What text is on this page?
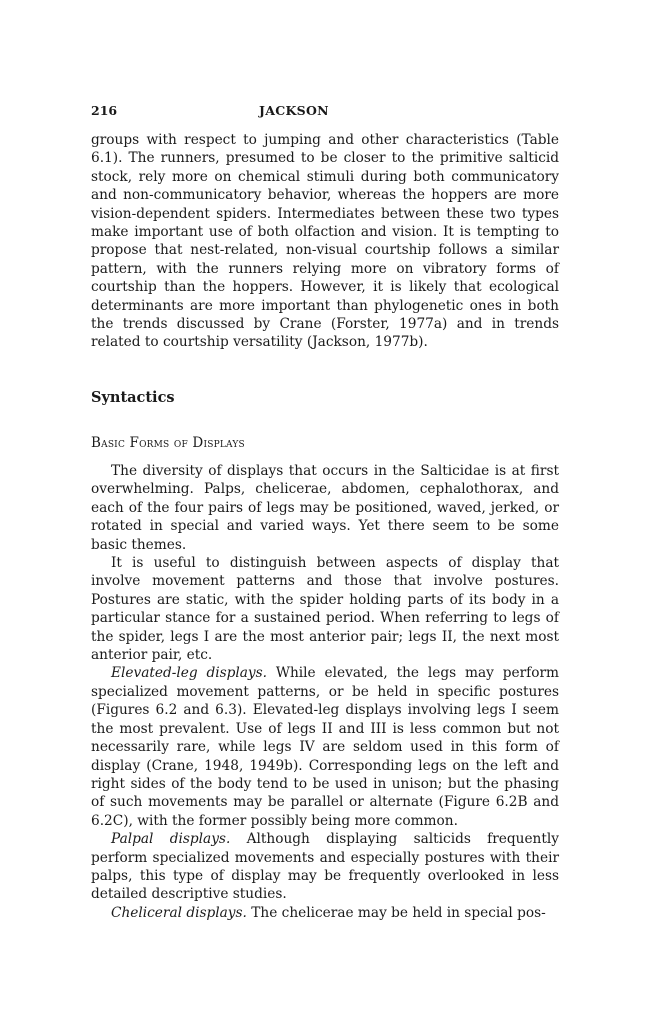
216	JACKSON

groups with respect to jumping and other characteristics (Table 6.1). The runners, presumed to be closer to the primitive salticid stock, rely more on chemical stimuli during both communicatory and non-communicatory behavior, whereas the hoppers are more vision-dependent spiders. Intermediates between these two types make important use of both olfaction and vision. It is tempting to propose that nest-related, non-visual courtship follows a similar pattern, with the runners relying more on vibratory forms of courtship than the hoppers. However, it is likely that ecological determinants are more important than phylogenetic ones in both the trends discussed by Crane (Forster, 1977a) and in trends related to courtship versatility (Jackson, 1977b).

Syntactics
Basic Forms of Displays

The diversity of displays that occurs in the Salticidae is at first overwhelming. Palps, chelicerae, abdomen, cephalothorax, and each of the four pairs of legs may be positioned, waved, jerked, or rotated in special and varied ways. Yet there seem to be some basic themes.

It is useful to distinguish between aspects of display that involve movement patterns and those that involve postures. Postures are static, with the spider holding parts of its body in a particular stance for a sustained period. When referring to legs of the spider, legs I are the most anterior pair; legs II, the next most anterior pair, etc.

Elevated-leg displays. While elevated, the legs may perform specialized movement patterns, or be held in specific postures (Figures 6.2 and 6.3). Elevated-leg displays involving legs I seem the most prevalent. Use of legs II and III is less common but not necessarily rare, while legs IV are seldom used in this form of display (Crane, 1948, 1949b). Corresponding legs on the left and right sides of the body tend to be used in unison; but the phasing of such movements may be parallel or alternate (Figure 6.2B and 6.2C), with the former possibly being more common.

Palpal displays. Although displaying salticids frequently perform specialized movements and especially postures with their palps, this type of display may be frequently overlooked in less detailed descriptive studies.

Cheliceral displays. The chelicerae may be held in special pos-
